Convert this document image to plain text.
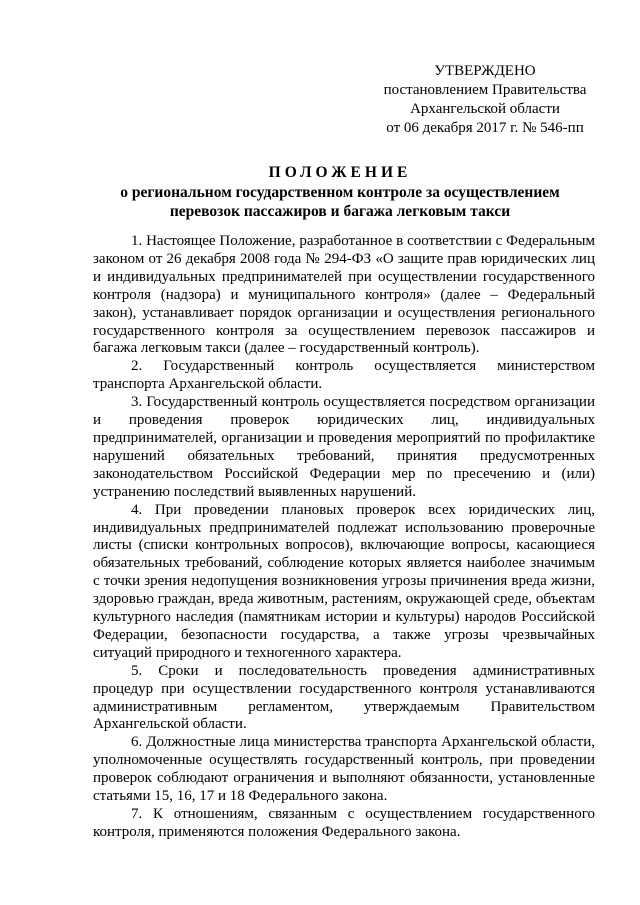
УТВЕРЖДЕНО
постановлением Правительства
Архангельской области
от 06 декабря 2017 г. № 546-пп
ПОЛОЖЕНИЕ
о региональном государственном контроле за осуществлением
перевозок пассажиров и багажа легковым такси

1. Настоящее Положение, разработанное в соответствии с Федеральным законом от 26 декабря 2008 года № 294-ФЗ «О защите прав юридических лиц и индивидуальных предпринимателей при осуществлении государственного контроля (надзора) и муниципального контроля» (далее – Федеральный закон), устанавливает порядок организации и осуществления регионального государственного контроля за осуществлением перевозок пассажиров и багажа легковым такси (далее – государственный контроль).

2. Государственный контроль осуществляется министерством транспорта Архангельской области.

3. Государственный контроль осуществляется посредством организации и проведения проверок юридических лиц, индивидуальных предпринимателей, организации и проведения мероприятий по профилактике нарушений обязательных требований, принятия предусмотренных законодательством Российской Федерации мер по пресечению и (или) устранению последствий выявленных нарушений.

4. При проведении плановых проверок всех юридических лиц, индивидуальных предпринимателей подлежат использованию проверочные листы (списки контрольных вопросов), включающие вопросы, касающиеся обязательных требований, соблюдение которых является наиболее значимым с точки зрения недопущения возникновения угрозы причинения вреда жизни, здоровью граждан, вреда животным, растениям, окружающей среде, объектам культурного наследия (памятникам истории и культуры) народов Российской Федерации, безопасности государства, а также угрозы чрезвычайных ситуаций природного и техногенного характера.

5. Сроки и последовательность проведения административных процедур при осуществлении государственного контроля устанавливаются административным регламентом, утверждаемым Правительством Архангельской области.

6. Должностные лица министерства транспорта Архангельской области, уполномоченные осуществлять государственный контроль, при проведении проверок соблюдают ограничения и выполняют обязанности, установленные статьями 15, 16, 17 и 18 Федерального закона.

7. К отношениям, связанным с осуществлением государственного контроля, применяются положения Федерального закона.
